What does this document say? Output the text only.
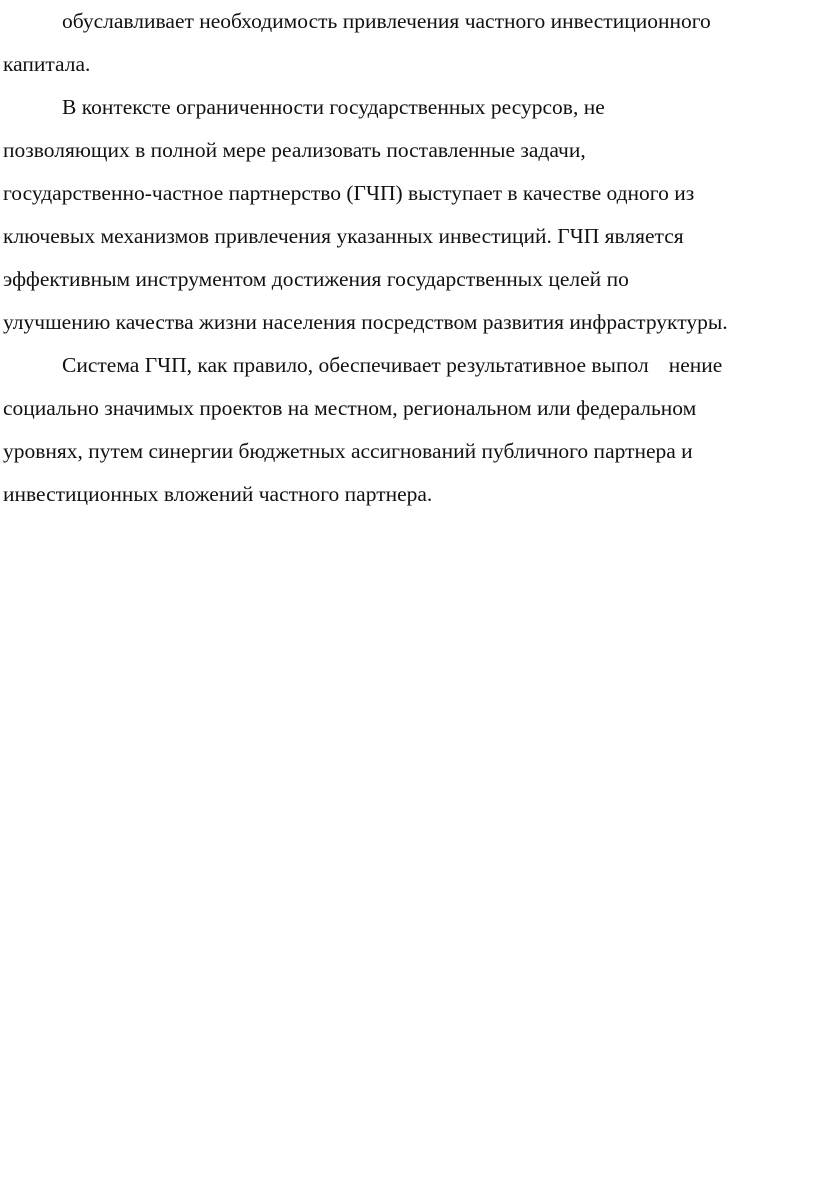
обуславливает необходимость привлечения частного инвестиционного
капитала.
В контексте ограниченности государственных ресурсов, не
позволяющих в полной мере реализовать поставленные задачи,
государственно-частное партнерство (ГЧП) выступает в качестве одного из
ключевых механизмов привлечения указанных инвестиций. ГЧП является
эффективным инструментом достижения государственных целей по
улучшению качества жизни населения посредством развития инфраструктуры.
Система ГЧП, как правило, обеспечивает результативное выпол нение
социально значимых проектов на местном, региональном или федеральном
уровнях, путем синергии бюджетных ассигнований публичного партнера и
инвестиционных вложений частного партнера.
